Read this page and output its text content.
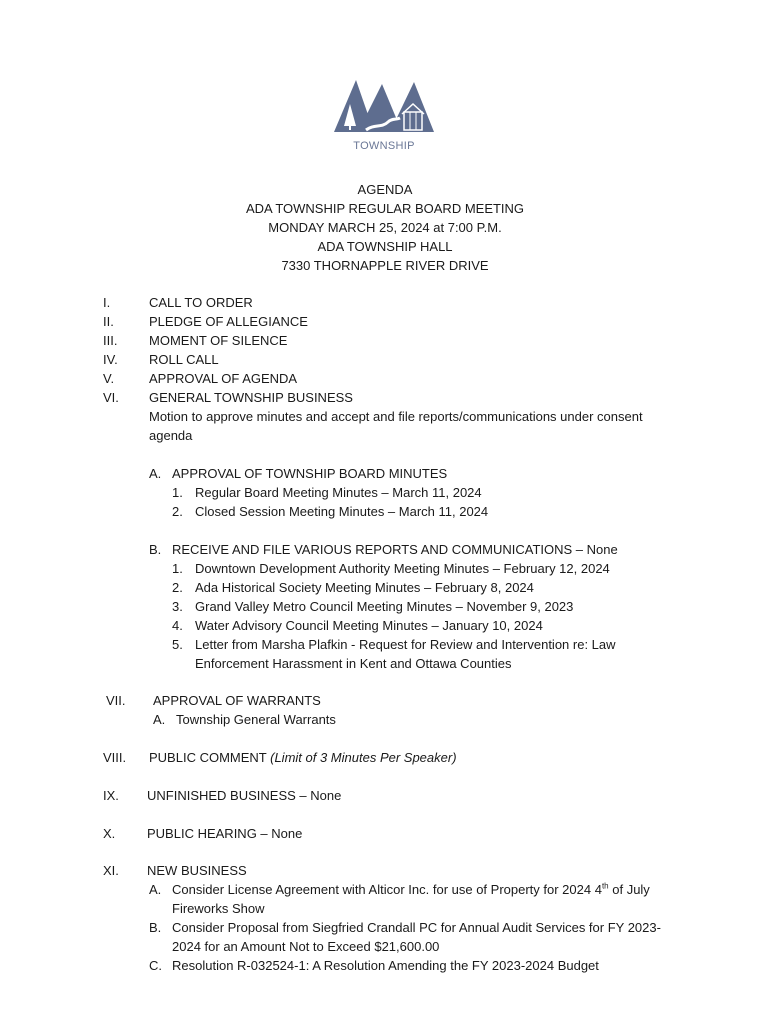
TOWNSHIP
AGENDA
ADA TOWNSHIP REGULAR BOARD MEETING
MONDAY MARCH 25, 2024 at 7:00 P.M.
ADA TOWNSHIP HALL
7330 THORNAPPLE RIVER DRIVE
I.	CALL TO ORDER
II.	PLEDGE OF ALLEGIANCE
III. MOMENT OF SILENCE
IV. ROLL CALL
V.	APPROVAL OF AGENDA
VI. GENERAL TOWNSHIP BUSINESS
Motion to approve minutes and accept and file reports/communications under consent
agenda
A. APPROVAL OF TOWNSHIP BOARD MINUTES
1. Regular Board Meeting Minutes – March 11, 2024
2. Closed Session Meeting Minutes – March 11, 2024
B. RECEIVE AND FILE VARIOUS REPORTS AND COMMUNICATIONS – None
1. Downtown Development Authority Meeting Minutes – February 12, 2024
2. Ada Historical Society Meeting Minutes – February 8, 2024
3. Grand Valley Metro Council Meeting Minutes – November 9, 2023
4. Water Advisory Council Meeting Minutes – January 10, 2024
5. Letter from Marsha Plafkin - Request for Review and Intervention re: Law
Enforcement Harassment in Kent and Ottawa Counties
VII. APPROVAL OF WARRANTS
A. Township General Warrants
VIII. PUBLIC COMMENT (Limit of 3 Minutes Per Speaker)
IX. UNFINISHED BUSINESS – None
X. PUBLIC HEARING – None
XI. NEW BUSINESS
A. Consider License Agreement with Alticor Inc. for use of Property for 2024 4th of July
Fireworks Show
B. Consider Proposal from Siegfried Crandall PC for Annual Audit Services for FY 2023-
2024 for an Amount Not to Exceed $21,600.00
C. Resolution R-032524-1: A Resolution Amending the FY 2023-2024 Budget
